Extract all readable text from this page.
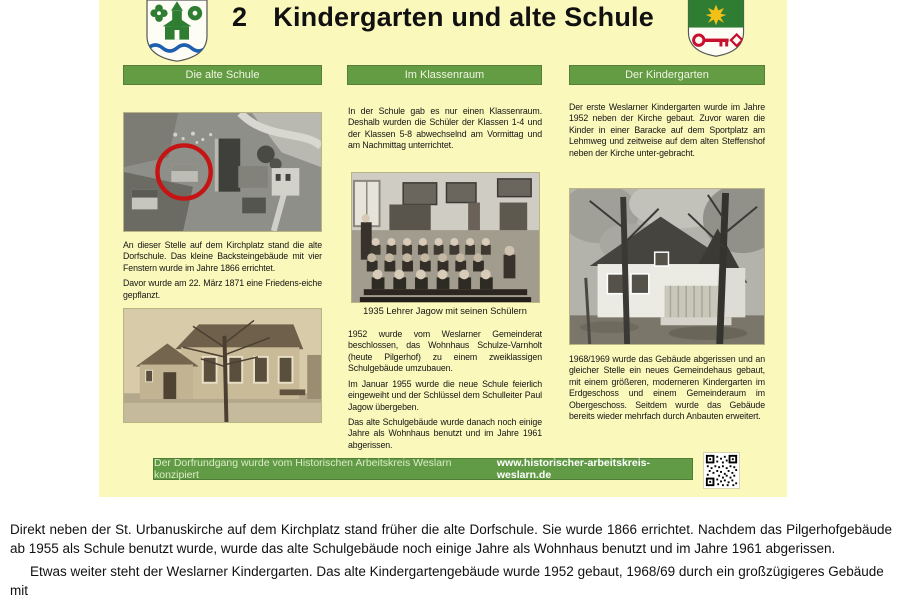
2 Kindergarten und alte Schule
Die alte Schule	Im Klassenraum	Der Kindergarten

An dieser Stelle auf dem Kirchplatz stand die alte Dorfschule. Das kleine Backsteingebäude mit vier Fenstern wurde im Jahre 1866 errichtet.

Davor wurde am 22. März 1871 eine Friedens-eiche gepflanzt.

In der Schule gab es nur einen Klassenraum. Deshalb wurden die Schüler der Klassen 1-4 und der Klassen 5-8 abwechselnd am Vormittag und am Nachmittag unterrichtet.

1935 Lehrer Jagow mit seinen Schülern

1952 wurde vom Weslarner Gemeinderat beschlossen, das Wohnhaus Schulze-Varnholt (heute Pilgerhof) zu einem zweiklassigen Schulgebäude umzubauen.

Im Januar 1955 wurde die neue Schule feierlich eingeweiht und der Schlüssel dem Schulleiter Paul Jagow übergeben.

Das alte Schulgebäude wurde danach noch einige Jahre als Wohnhaus benutzt und im Jahre 1961 abgerissen.

Der erste Weslarner Kindergarten wurde im Jahre 1952 neben der Kirche gebaut. Zuvor waren die Kinder in einer Baracke auf dem Sportplatz am Lehmweg und zeitweise auf dem alten Steffenshof neben der Kirche unter-gebracht.

1968/1969 wurde das Gebäude abgerissen und an gleicher Stelle ein neues Gemeindehaus gebaut, mit einem größeren, moderneren Kindergarten im Erdgeschoss und einem Gemeinderaum im Obergeschoss. Seitdem wurde das Gebäude bereits wieder mehrfach durch Anbauten erweitert.

Der Dorfrundgang wurde vom Historischen Arbeitskreis Weslarn konzipiert
www.historischer-arbeitskreis-weslarn.de

Direkt neben der St. Urbanuskirche auf dem Kirchplatz stand früher die alte Dorfschule. Sie wurde 1866 errichtet. Nachdem das Pilgerhofgebäude ab 1955 als Schule benutzt wurde, wurde das alte Schulgebäude noch einige Jahre als Wohnhaus benutzt und im Jahre 1961 abgerissen.

Etwas weiter steht der Weslarner Kindergarten. Das alte Kindergartengebäude wurde 1952 gebaut, 1968/69 durch ein großzügigeres Gebäude mit
